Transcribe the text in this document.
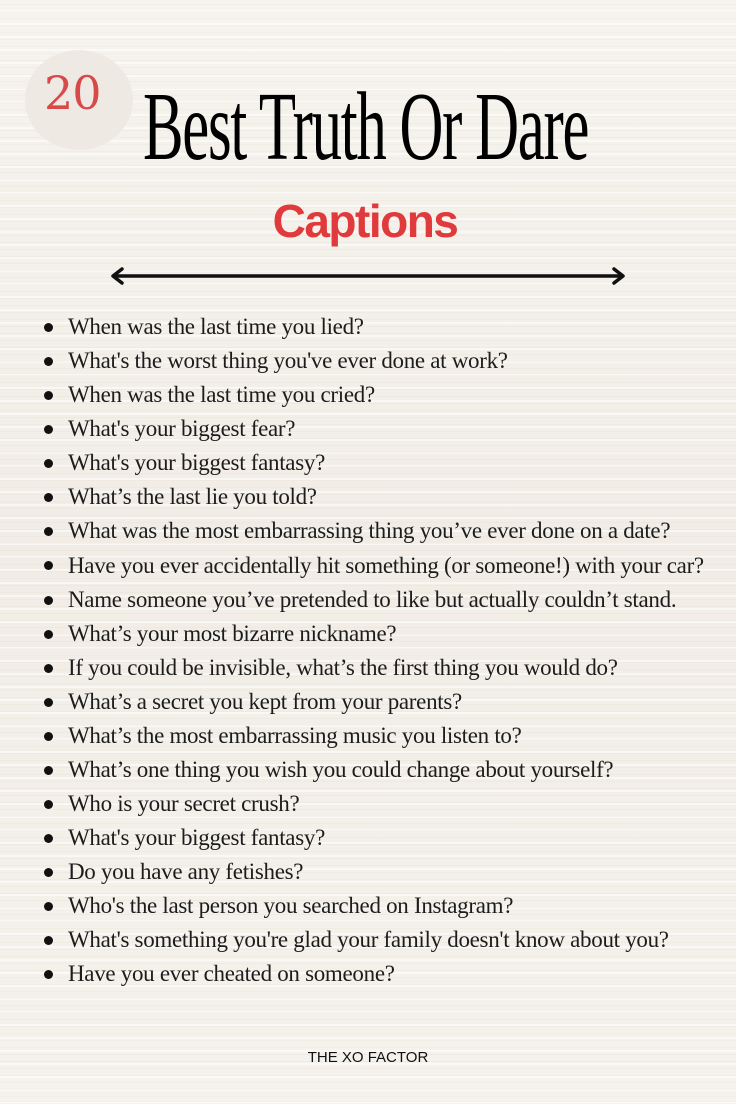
20 Best Truth Or Dare
Captions
When was the last time you lied?
What's the worst thing you've ever done at work?
When was the last time you cried?
What's your biggest fear?
What's your biggest fantasy?
What’s the last lie you told?
What was the most embarrassing thing you’ve ever done on a date?
Have you ever accidentally hit something (or someone!) with your car?
Name someone you’ve pretended to like but actually couldn’t stand.
What’s your most bizarre nickname?
If you could be invisible, what’s the first thing you would do?
What’s a secret you kept from your parents?
What’s the most embarrassing music you listen to?
What’s one thing you wish you could change about yourself?
Who is your secret crush?
What's your biggest fantasy?
Do you have any fetishes?
Who's the last person you searched on Instagram?
What's something you're glad your family doesn't know about you?
Have you ever cheated on someone?
THE XO FACTOR
